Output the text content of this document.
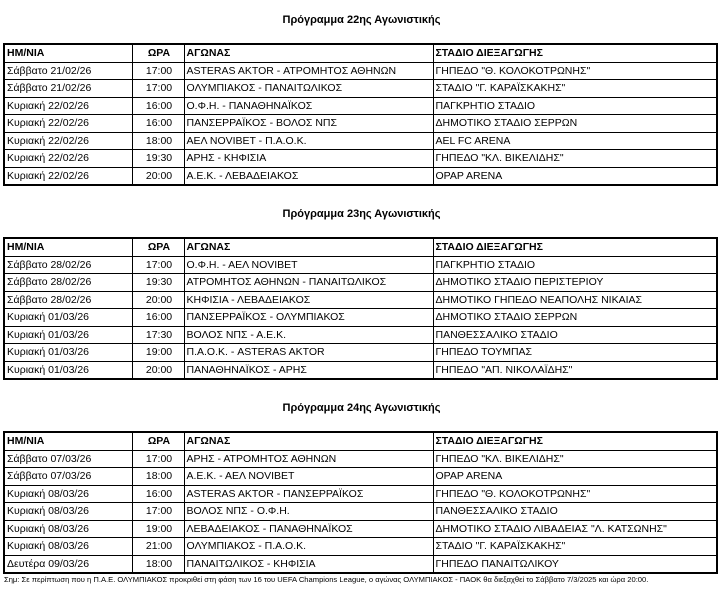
Πρόγραμμα 22ης Αγωνιστικής
ΗΜ/ΝΙΑ	ΩΡΑ	ΑΓΩΝΑΣ	ΣΤΑΔΙΟ ΔΙΕΞΑΓΩΓΗΣ
Σάββατο 21/02/26	17:00	ASTERAS AKTOR - ΑΤΡΟΜΗΤΟΣ ΑΘΗΝΩΝ	ΓΗΠΕΔΟ "Θ. ΚΟΛΟΚΟΤΡΩΝΗΣ"
Σάββατο 21/02/26	17:00	ΟΛΥΜΠΙΑΚΟΣ - ΠΑΝΑΙΤΩΛΙΚΟΣ	ΣΤΑΔΙΟ "Γ. ΚΑΡΑΪΣΚΑΚΗΣ"
Κυριακή 22/02/26	16:00	Ο.Φ.Η. - ΠΑΝΑΘΗΝΑΪΚΟΣ	ΠΑΓΚΡΗΤΙΟ ΣΤΑΔΙΟ
Κυριακή 22/02/26	16:00	ΠΑΝΣΕΡΡΑΪΚΟΣ - ΒΟΛΟΣ ΝΠΣ	ΔΗΜΟΤΙΚΟ ΣΤΑΔΙΟ ΣΕΡΡΩΝ
Κυριακή 22/02/26	18:00	ΑΕΛ NOVIBET - Π.Α.Ο.Κ.	AEL FC ARENA
Κυριακή 22/02/26	19:30	ΑΡΗΣ - ΚΗΦΙΣΙΑ	ΓΗΠΕΔΟ "ΚΛ. ΒΙΚΕΛΙΔΗΣ"
Κυριακή 22/02/26	20:00	Α.Ε.Κ. - ΛΕΒΑΔΕΙΑΚΟΣ	OPAP ARENA
Πρόγραμμα 23ης Αγωνιστικής
ΗΜ/ΝΙΑ	ΩΡΑ	ΑΓΩΝΑΣ	ΣΤΑΔΙΟ ΔΙΕΞΑΓΩΓΗΣ
Σάββατο 28/02/26	17:00	Ο.Φ.Η. - ΑΕΛ NOVIBET	ΠΑΓΚΡΗΤΙΟ ΣΤΑΔΙΟ
Σάββατο 28/02/26	19:30	ΑΤΡΟΜΗΤΟΣ ΑΘΗΝΩΝ - ΠΑΝΑΙΤΩΛΙΚΟΣ	ΔΗΜΟΤΙΚΟ ΣΤΑΔΙΟ ΠΕΡΙΣΤΕΡΙΟΥ
Σάββατο 28/02/26	20:00	ΚΗΦΙΣΙΑ - ΛΕΒΑΔΕΙΑΚΟΣ	ΔΗΜΟΤΙΚΟ ΓΗΠΕΔΟ ΝΕΑΠΟΛΗΣ ΝΙΚΑΙΑΣ
Κυριακή 01/03/26	16:00	ΠΑΝΣΕΡΡΑΪΚΟΣ - ΟΛΥΜΠΙΑΚΟΣ	ΔΗΜΟΤΙΚΟ ΣΤΑΔΙΟ ΣΕΡΡΩΝ
Κυριακή 01/03/26	17:30	ΒΟΛΟΣ ΝΠΣ - Α.Ε.Κ.	ΠΑΝΘΕΣΣΑΛΙΚΟ ΣΤΑΔΙΟ
Κυριακή 01/03/26	19:00	Π.Α.Ο.Κ. - ASTERAS AKTOR	ΓΗΠΕΔΟ ΤΟΥΜΠΑΣ
Κυριακή 01/03/26	20:00	ΠΑΝΑΘΗΝΑΪΚΟΣ - ΑΡΗΣ	ΓΗΠΕΔΟ "ΑΠ. ΝΙΚΟΛΑΪΔΗΣ"
Πρόγραμμα 24ης Αγωνιστικής
ΗΜ/ΝΙΑ	ΩΡΑ	ΑΓΩΝΑΣ	ΣΤΑΔΙΟ ΔΙΕΞΑΓΩΓΗΣ
Σάββατο 07/03/26	17:00	ΑΡΗΣ - ΑΤΡΟΜΗΤΟΣ ΑΘΗΝΩΝ	ΓΗΠΕΔΟ "ΚΛ. ΒΙΚΕΛΙΔΗΣ"
Σάββατο 07/03/26	18:00	Α.Ε.Κ. - ΑΕΛ NOVIBET	OPAP ARENA
Κυριακή 08/03/26	16:00	ASTERAS AKTOR - ΠΑΝΣΕΡΡΑΪΚΟΣ	ΓΗΠΕΔΟ "Θ. ΚΟΛΟΚΟΤΡΩΝΗΣ"
Κυριακή 08/03/26	17:00	ΒΟΛΟΣ ΝΠΣ - Ο.Φ.Η.	ΠΑΝΘΕΣΣΑΛΙΚΟ ΣΤΑΔΙΟ
Κυριακή 08/03/26	19:00	ΛΕΒΑΔΕΙΑΚΟΣ - ΠΑΝΑΘΗΝΑΪΚΟΣ	ΔΗΜΟΤΙΚΟ ΣΤΑΔΙΟ ΛΙΒΑΔΕΙΑΣ "Λ. ΚΑΤΣΩΝΗΣ"
Κυριακή 08/03/26	21:00	ΟΛΥΜΠΙΑΚΟΣ - Π.Α.Ο.Κ.	ΣΤΑΔΙΟ "Γ. ΚΑΡΑΪΣΚΑΚΗΣ"
Δευτέρα 09/03/26	18:00	ΠΑΝΑΙΤΩΛΙΚΟΣ - ΚΗΦΙΣΙΑ	ΓΗΠΕΔΟ ΠΑΝΑΙΤΩΛΙΚΟΥ
Σημ: Σε περίπτωση που η Π.Α.Ε. ΟΛΥΜΠΙΑΚΟΣ προκριθεί στη φάση των 16 του UEFA Champions League, ο αγώνας ΟΛΥΜΠΙΑΚΟΣ - ΠΑΟΚ θα διεξαχθεί το Σάββατο 7/3/2025 και ώρα 20:00.
